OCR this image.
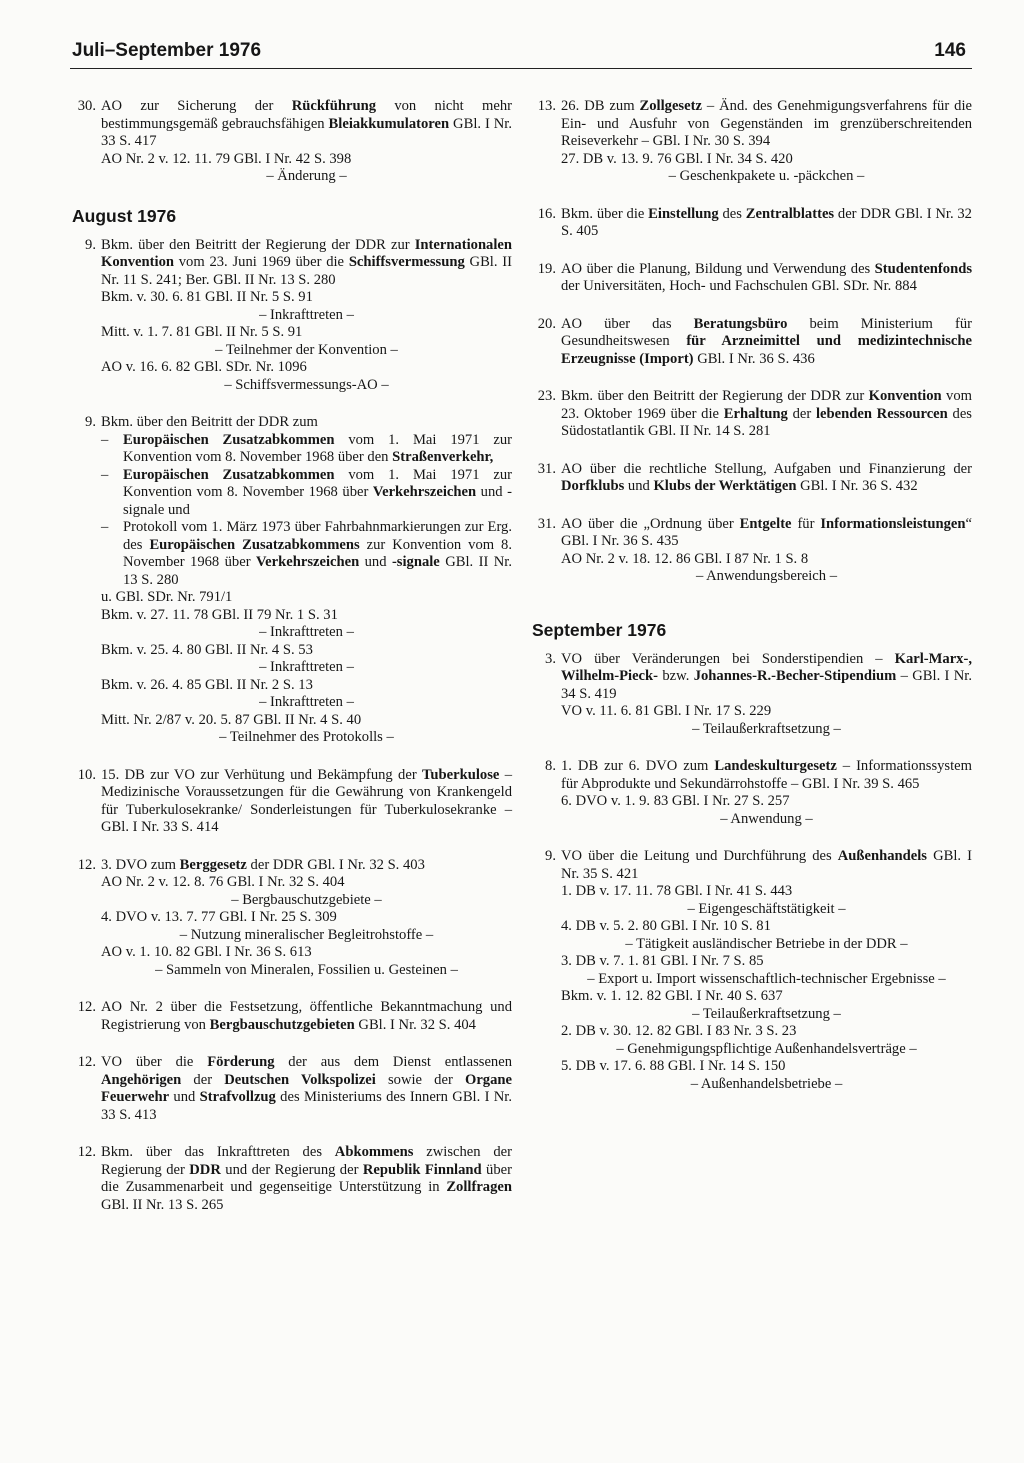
Juli–September 1976	146
30. AO zur Sicherung der Rückführung von nicht mehr bestimmungsgemäß gebrauchsfähigen Bleiakkumulatoren GBl. I Nr. 33 S. 417
AO Nr. 2 v. 12. 11. 79 GBl. I Nr. 42 S. 398
– Änderung –
August 1976
9. Bkm. über den Beitritt der Regierung der DDR zur Internationalen Konvention vom 23. Juni 1969 über die Schiffsvermessung GBl. II Nr. 11 S. 241; Ber. GBl. II Nr. 13 S. 280
Bkm. v. 30. 6. 81 GBl. II Nr. 5 S. 91
– Inkrafttreten –
Mitt. v. 1. 7. 81 GBl. II Nr. 5 S. 91
– Teilnehmer der Konvention –
AO v. 16. 6. 82 GBl. SDr. Nr. 1096
– Schiffsvermessungs-AO –
9. Bkm. über den Beitritt der DDR zum
– Europäischen Zusatzabkommen vom 1. Mai 1971 zur Konvention vom 8. November 1968 über den Straßenverkehr,
– Europäischen Zusatzabkommen vom 1. Mai 1971 zur Konvention vom 8. November 1968 über Verkehrszeichen und -signale und
– Protokoll vom 1. März 1973 über Fahrbahnmarkierungen zur Erg. des Europäischen Zusatzabkommens zur Konvention vom 8. November 1968 über Verkehrszeichen und -signale GBl. II Nr. 13 S. 280
u. GBl. SDr. Nr. 791/1
Bkm. v. 27. 11. 78 GBl. II 79 Nr. 1 S. 31
– Inkrafttreten –
Bkm. v. 25. 4. 80 GBl. II Nr. 4 S. 53
– Inkrafttreten –
Bkm. v. 26. 4. 85 GBl. II Nr. 2 S. 13
– Inkrafttreten –
Mitt. Nr. 2/87 v. 20. 5. 87 GBl. II Nr. 4 S. 40
– Teilnehmer des Protokolls –
10. 15. DB zur VO zur Verhütung und Bekämpfung der Tuberkulose – Medizinische Voraussetzungen für die Gewährung von Krankengeld für Tuberkulosekranke/ Sonderleistungen für Tuberkulosekranke – GBl. I Nr. 33 S. 414
12. 3. DVO zum Berggesetz der DDR GBl. I Nr. 32 S. 403
AO Nr. 2 v. 12. 8. 76 GBl. I Nr. 32 S. 404
– Bergbauschutzgebiete –
4. DVO v. 13. 7. 77 GBl. I Nr. 25 S. 309
– Nutzung mineralischer Begleitrohstoffe –
AO v. 1. 10. 82 GBl. I Nr. 36 S. 613
– Sammeln von Mineralen, Fossilien u. Gesteinen –
12. AO Nr. 2 über die Festsetzung, öffentliche Bekanntmachung und Registrierung von Bergbauschutzgebieten GBl. I Nr. 32 S. 404
12. VO über die Förderung der aus dem Dienst entlassenen Angehörigen der Deutschen Volkspolizei sowie der Organe Feuerwehr und Strafvollzug des Ministeriums des Innern GBl. I Nr. 33 S. 413
12. Bkm. über das Inkrafttreten des Abkommens zwischen der Regierung der DDR und der Regierung der Republik Finnland über die Zusammenarbeit und gegenseitige Unterstützung in Zollfragen GBl. II Nr. 13 S. 265
13. 26. DB zum Zollgesetz – Änd. des Genehmigungsverfahrens für die Ein- und Ausfuhr von Gegenständen im grenzüberschreitenden Reiseverkehr – GBl. I Nr. 30 S. 394
27. DB v. 13. 9. 76 GBl. I Nr. 34 S. 420
– Geschenkpakete u. -päckchen –
16. Bkm. über die Einstellung des Zentralblattes der DDR GBl. I Nr. 32 S. 405
19. AO über die Planung, Bildung und Verwendung des Studentenfonds der Universitäten, Hoch- und Fachschulen GBl. SDr. Nr. 884
20. AO über das Beratungsbüro beim Ministerium für Gesundheitswesen für Arzneimittel und medizintechnische Erzeugnisse (Import) GBl. I Nr. 36 S. 436
23. Bkm. über den Beitritt der Regierung der DDR zur Konvention vom 23. Oktober 1969 über die Erhaltung der lebenden Ressourcen des Südostatlantik GBl. II Nr. 14 S. 281
31. AO über die rechtliche Stellung, Aufgaben und Finanzierung der Dorfklubs und Klubs der Werktätigen GBl. I Nr. 36 S. 432
31. AO über die „Ordnung über Entgelte für Informationsleistungen“ GBl. I Nr. 36 S. 435
AO Nr. 2 v. 18. 12. 86 GBl. I 87 Nr. 1 S. 8
– Anwendungsbereich –
September 1976
3. VO über Veränderungen bei Sonderstipendien – Karl-Marx-, Wilhelm-Pieck- bzw. Johannes-R.-Becher-Stipendium – GBl. I Nr. 34 S. 419
VO v. 11. 6. 81 GBl. I Nr. 17 S. 229
– Teilaußerkraftsetzung –
8. 1. DB zur 6. DVO zum Landeskulturgesetz – Informationssystem für Abprodukte und Sekundärrohstoffe – GBl. I Nr. 39 S. 465
6. DVO v. 1. 9. 83 GBl. I Nr. 27 S. 257
– Anwendung –
9. VO über die Leitung und Durchführung des Außenhandels GBl. I Nr. 35 S. 421
1. DB v. 17. 11. 78 GBl. I Nr. 41 S. 443
– Eigengeschäftstätigkeit –
4. DB v. 5. 2. 80 GBl. I Nr. 10 S. 81
– Tätigkeit ausländischer Betriebe in der DDR –
3. DB v. 7. 1. 81 GBl. I Nr. 7 S. 85
– Export u. Import wissenschaftlich-technischer Ergebnisse –
Bkm. v. 1. 12. 82 GBl. I Nr. 40 S. 637
– Teilaußerkraftsetzung –
2. DB v. 30. 12. 82 GBl. I 83 Nr. 3 S. 23
– Genehmigungspflichtige Außenhandelsverträge –
5. DB v. 17. 6. 88 GBl. I Nr. 14 S. 150
– Außenhandelsbetriebe –
